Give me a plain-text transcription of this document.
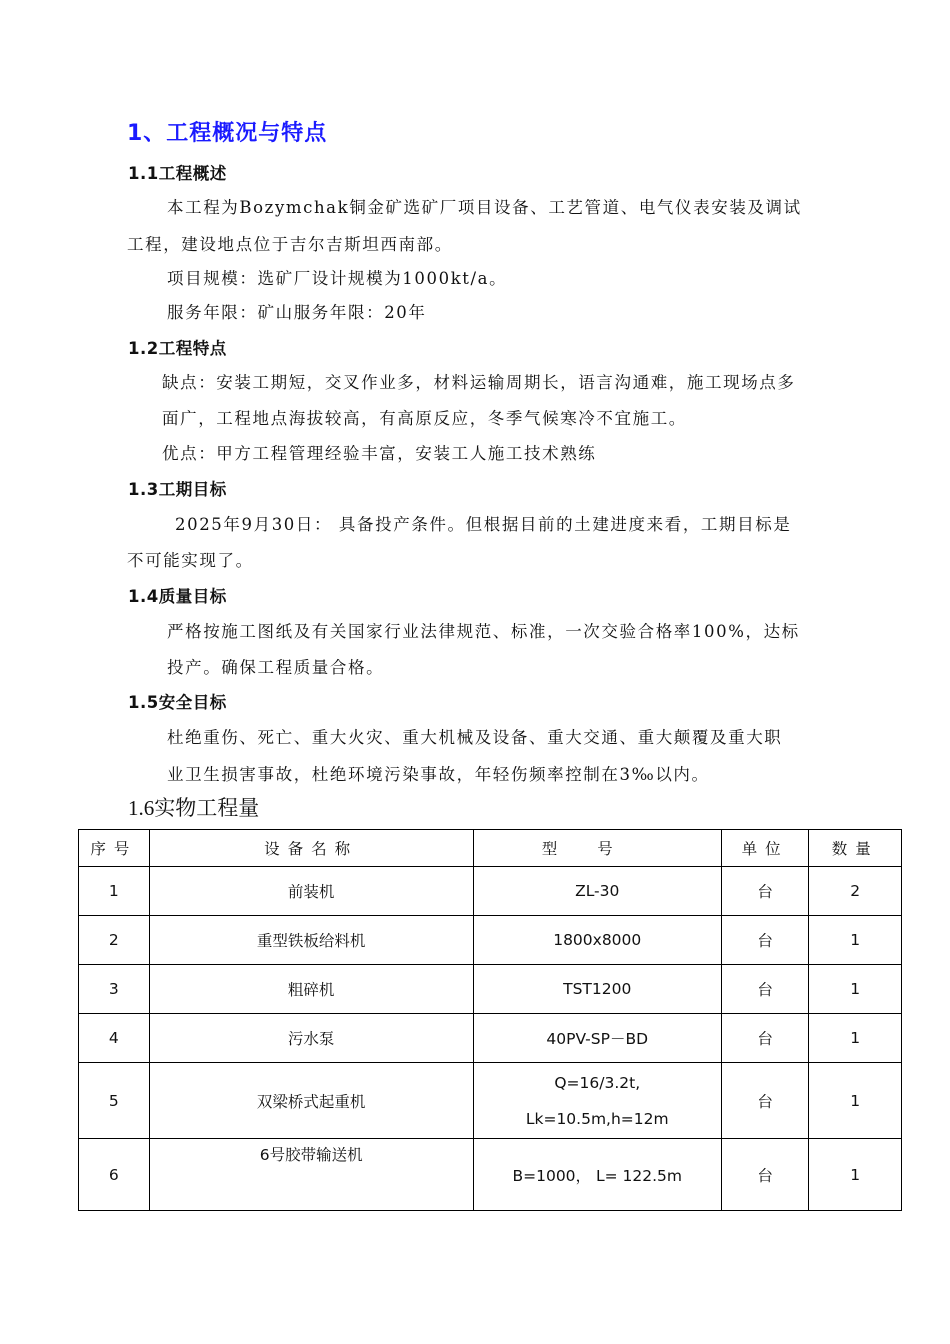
1、工程概况与特点
1.1工程概述
本工程为Bozymchak铜金矿选矿厂项目设备、工艺管道、电气仪表安装及调试
工程，建设地点位于吉尔吉斯坦西南部。
项目规模：选矿厂设计规模为1000kt/a。
服务年限：矿山服务年限：20年
1.2工程特点
缺点：安装工期短，交叉作业多，材料运输周期长，语言沟通难，施工现场点多
面广，工程地点海拔较高，有高原反应，冬季气候寒冷不宜施工。
优点：甲方工程管理经验丰富，安装工人施工技术熟练
1.3工期目标
2025年9月30日： 具备投产条件。但根据目前的土建进度来看，工期目标是
不可能实现了。
1.4质量目标
严格按施工图纸及有关国家行业法律规范、标准，一次交验合格率100%，达标
投产。确保工程质量合格。
1.5安全目标
杜绝重伤、死亡、重大火灾、重大机械及设备、重大交通、重大颠覆及重大职
业卫生损害事故，杜绝环境污染事故，年轻伤频率控制在3‰以内。
1.6实物工程量
序号	设备名称	型号	单位	数量
1	前装机	ZL-30	台	2
2	重型铁板给料机	1800x8000	台	1
3	粗碎机	TST1200	台	1
4	污水泵	40PV-SP－BD	台	1
5	双梁桥式起重机	Q=16/3.2t,
Lk=10.5m,h=12m	台	1
6	6号胶带输送机	B=1000， L= 122.5m	台	1
